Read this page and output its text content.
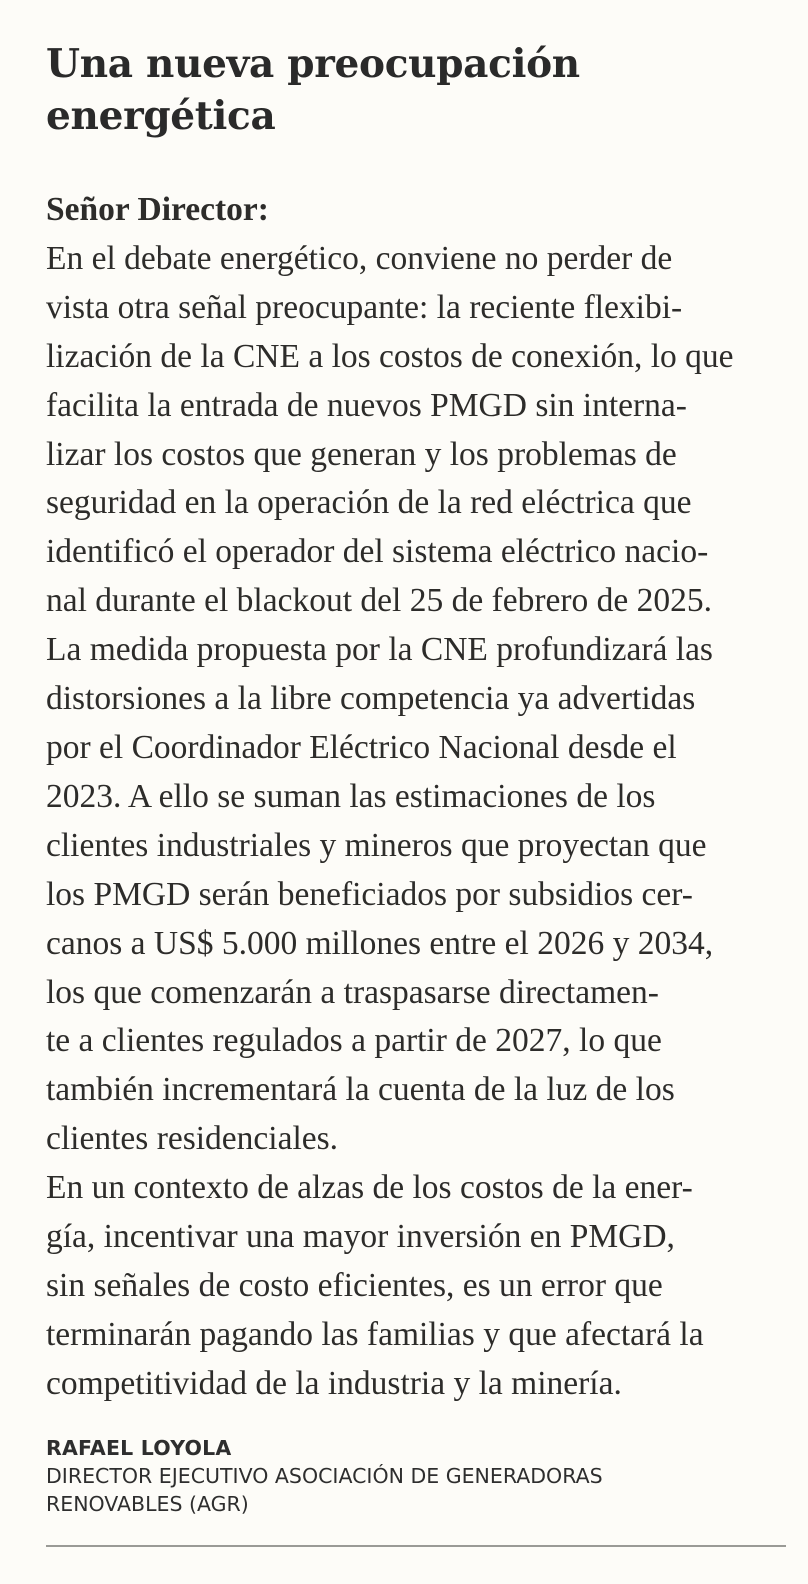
Una nueva preocupación
energética
Señor Director:
En el debate energético, conviene no perder de
vista otra señal preocupante: la reciente flexibi-
lización de la CNE a los costos de conexión, lo que
facilita la entrada de nuevos PMGD sin interna-
lizar los costos que generan y los problemas de
seguridad en la operación de la red eléctrica que
identificó el operador del sistema eléctrico nacio-
nal durante el blackout del 25 de febrero de 2025.
La medida propuesta por la CNE profundizará las
distorsiones a la libre competencia ya advertidas
por el Coordinador Eléctrico Nacional desde el
2023. A ello se suman las estimaciones de los
clientes industriales y mineros que proyectan que
los PMGD serán beneficiados por subsidios cer-
canos a US$ 5.000 millones entre el 2026 y 2034,
los que comenzarán a traspasarse directamen-
te a clientes regulados a partir de 2027, lo que
también incrementará la cuenta de la luz de los
clientes residenciales.
En un contexto de alzas de los costos de la ener-
gía, incentivar una mayor inversión en PMGD,
sin señales de costo eficientes, es un error que
terminarán pagando las familias y que afectará la
competitividad de la industria y la minería.
RAFAEL LOYOLA
DIRECTOR EJECUTIVO ASOCIACIÓN DE GENERADORAS
RENOVABLES (AGR)
